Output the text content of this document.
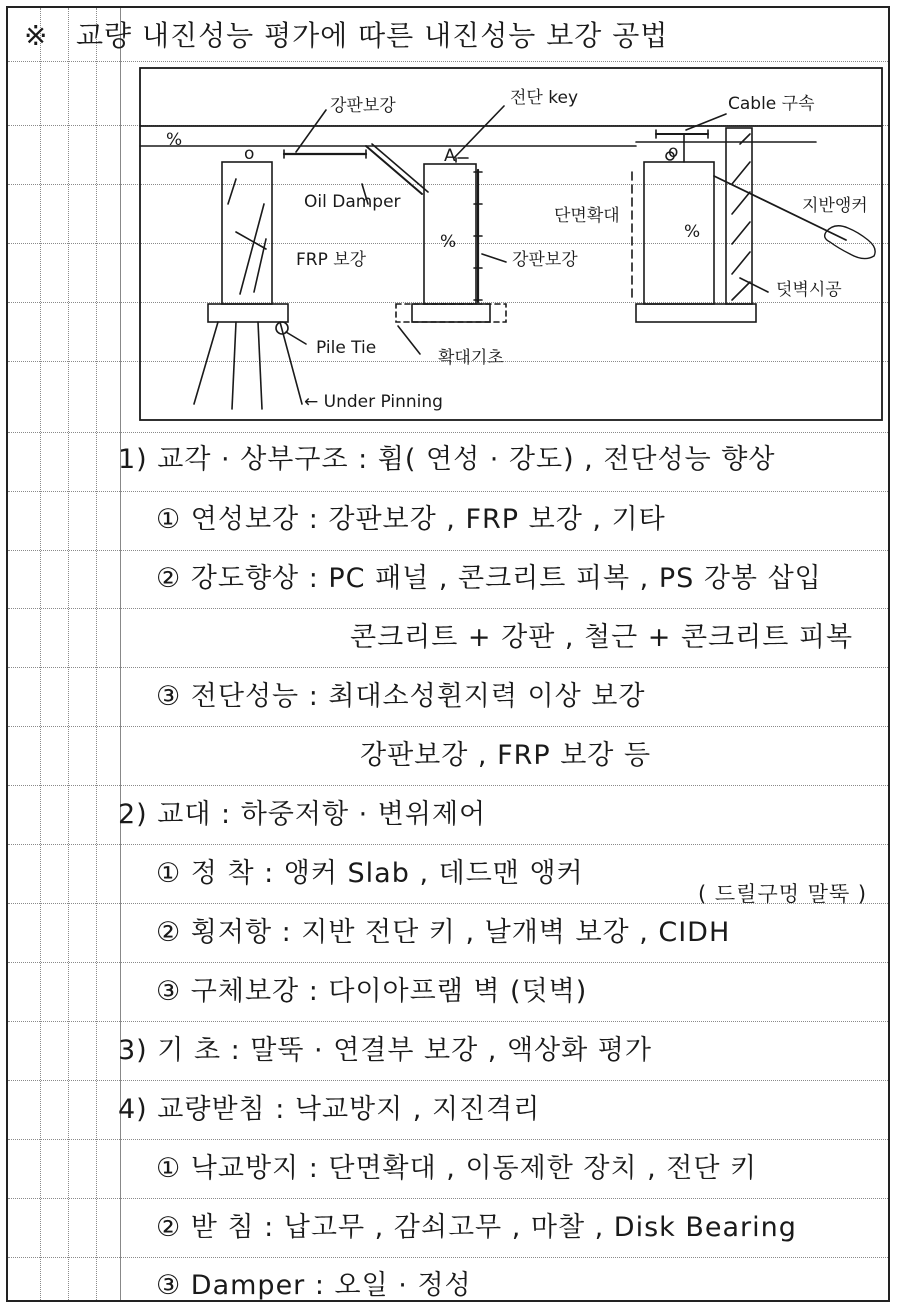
※ 교량 내진성능 평가에 따른 내진성능 보강 공법
강판보강	전단 key	Cable 구속
Oil Damper
단면확대	지반앵커
FRP 보강	강판보강
덧벽시공
Pile Tie	확대기초
← Under Pinning
%
%	%
o	A	o
1) 교각 · 상부구조 : 휨( 연성 · 강도) , 전단성능 향상
① 연성보강 : 강판보강 , FRP 보강 , 기타
② 강도향상 : PC 패널 , 콘크리트 피복 , PS 강봉 삽입
콘크리트 + 강판 , 철근 + 콘크리트 피복
③ 전단성능 : 최대소성휜지력 이상 보강
강판보강 , FRP 보강 등
2) 교대 : 하중저항 · 변위제어
① 정 착 : 앵커 Slab , 데드맨 앵커
( 드릴구멍 말뚝 )
② 횡저항 : 지반 전단 키 , 날개벽 보강 , CIDH
③ 구체보강 : 다이아프램 벽 (덧벽)
3) 기 초 : 말뚝 · 연결부 보강 , 액상화 평가
4) 교량받침 : 낙교방지 , 지진격리
① 낙교방지 : 단면확대 , 이동제한 장치 , 전단 키
② 받 침 : 납고무 , 감쇠고무 , 마찰 , Disk Bearing
③ Damper : 오일 · 정성
